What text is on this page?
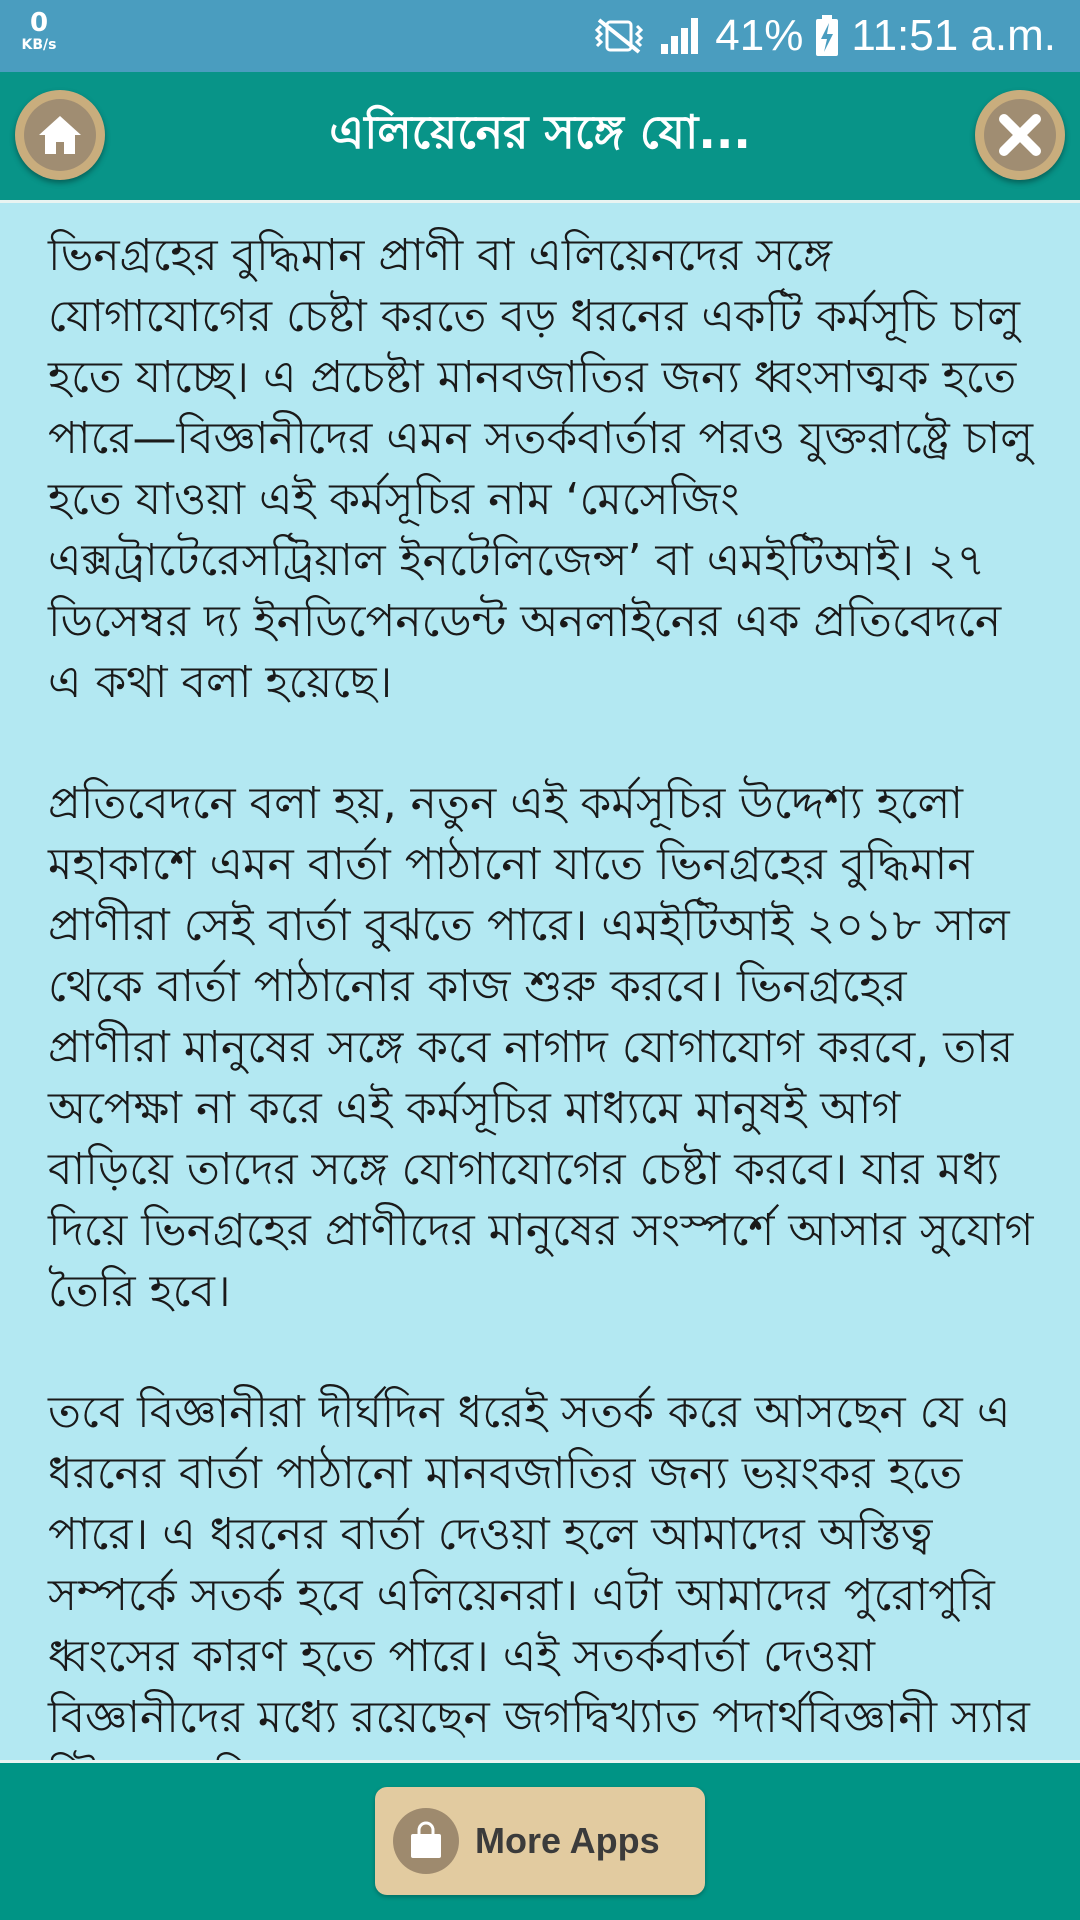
0
KB/s	41% 11:51 a.m.
এলিয়েনের সঙ্গে যো...

ভিনগ্রহের বুদ্ধিমান প্রাণী বা এলিয়েনদের সঙ্গে যোগাযোগের চেষ্টা করতে বড় ধরনের একটি কর্মসূচি চালু হতে যাচ্ছে। এ প্রচেষ্টা মানবজাতির জন্য ধ্বংসাত্মক হতে পারে—বিজ্ঞানীদের এমন সতর্কবার্তার পরও যুক্তরাষ্ট্রে চালু হতে যাওয়া এই কর্মসূচির নাম ‘মেসেজিং এক্সট্রাটেরেসট্রিয়াল ইনটেলিজেন্স’ বা এমইটিআই। ২৭ ডিসেম্বর দ্য ইনডিপেনডেন্ট অনলাইনের এক প্রতিবেদনে এ কথা বলা হয়েছে।

প্রতিবেদনে বলা হয়, নতুন এই কর্মসূচির উদ্দেশ্য হলো মহাকাশে এমন বার্তা পাঠানো যাতে ভিনগ্রহের বুদ্ধিমান প্রাণীরা সেই বার্তা বুঝতে পারে। এমইটিআই ২০১৮ সাল থেকে বার্তা পাঠানোর কাজ শুরু করবে। ভিনগ্রহের প্রাণীরা মানুষের সঙ্গে কবে নাগাদ যোগাযোগ করবে, তার অপেক্ষা না করে এই কর্মসূচির মাধ্যমে মানুষই আগ বাড়িয়ে তাদের সঙ্গে যোগাযোগের চেষ্টা করবে। যার মধ্য দিয়ে ভিনগ্রহের প্রাণীদের মানুষের সংস্পর্শে আসার সুযোগ তৈরি হবে।

তবে বিজ্ঞানীরা দীর্ঘদিন ধরেই সতর্ক করে আসছেন যে এ ধরনের বার্তা পাঠানো মানবজাতির জন্য ভয়ংকর হতে পারে। এ ধরনের বার্তা দেওয়া হলে আমাদের অস্তিত্ব সম্পর্কে সতর্ক হবে এলিয়েনরা। এটা আমাদের পুরোপুরি ধ্বংসের কারণ হতে পারে। এই সতর্কবার্তা দেওয়া বিজ্ঞানীদের মধ্যে রয়েছেন জগদ্বিখ্যাত পদার্থবিজ্ঞানী স্যার

More Apps
